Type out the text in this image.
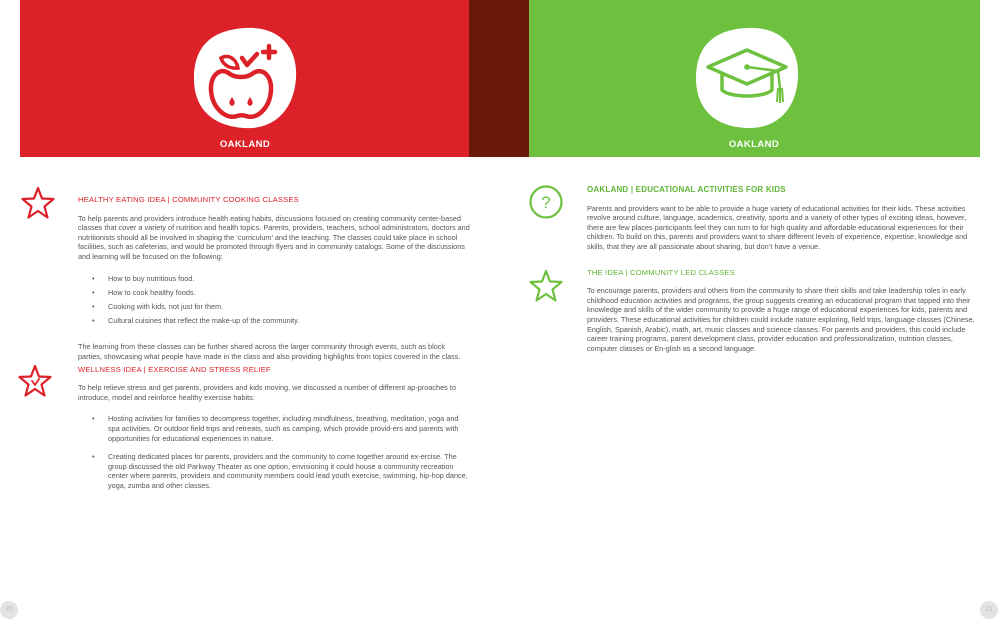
OAKLAND	OAKLAND
HEALTHY EATING IDEA | COMMUNITY COOKING CLASSES
To help parents and providers introduce health eating habits, discussions focused on creating community center-based classes that cover a variety of nutrition and health topics. Parents, providers, teachers, school administrators, doctors and nutritionists should all be involved in shaping the ‘curriculum’ and the teaching. The classes could take place in school facilities, such as cafeterias, and would be promoted through flyers and in community catalogs. Some of the discussions and learning will be focused on the following:
• How to buy nutritious food.
• How to cook healthy foods.
• Cooking with kids, not just for them.
• Cultural cuisines that reflect the make-up of the community.
The learning from these classes can be further shared across the larger community through events, such as block parties, showcasing what people have made in the class and also providing highlights from topics covered in the class.
WELLNESS IDEA | EXERCISE AND STRESS RELIEF
To help relieve stress and get parents, providers and kids moving, we discussed a number of different ap-proaches to introduce, model and reinforce healthy exercise habits:
• Hosting activities for families to decompress together, including mindfulness, breathing, meditation, yoga and spa activities. Or outdoor field trips and retreats, such as camping, which provide provid-ers and parents with opportunities for educational experiences in nature.
• Creating dedicated places for parents, providers and the community to come together around ex-ercise. The group discussed the old Parkway Theater as one option, envisioning it could house a community recreation center where parents, providers and community members could lead youth exercise, swimming, hip-hop dance, yoga, zumba and other classes.
?
OAKLAND | EDUCATIONAL ACTIVITIES FOR KIDS
Parents and providers want to be able to provide a huge variety of educational activities for their kids. These activities revolve around culture, language, academics, creativity, sports and a variety of other types of exciting ideas, however, there are few places participants feel they can turn to for high quality and affordable educational experiences for their children. To build on this, parents and providers want to share different levels of experience, expertise, knowledge and skills, that they are all passionate about sharing, but don’t have a venue.
THE IDEA | COMMUNITY LED CLASSES
To encourage parents, providers and others from the community to share their skills and take leadership roles in early childhood education activities and programs, the group suggests creating an educational program that tapped into their knowledge and skills of the wider community to provide a huge range of educational experiences for kids, parents and providers. These educational activities for children could include nature exploring, field trips, language classes (Chinese, English, Spanish, Arabic), math, art, music classes and science classes. For parents and providers, this could include career training programs, parent development class, provider education and professionalization, nutrition classes, computer classes or En-glish as a second language.
20	21
